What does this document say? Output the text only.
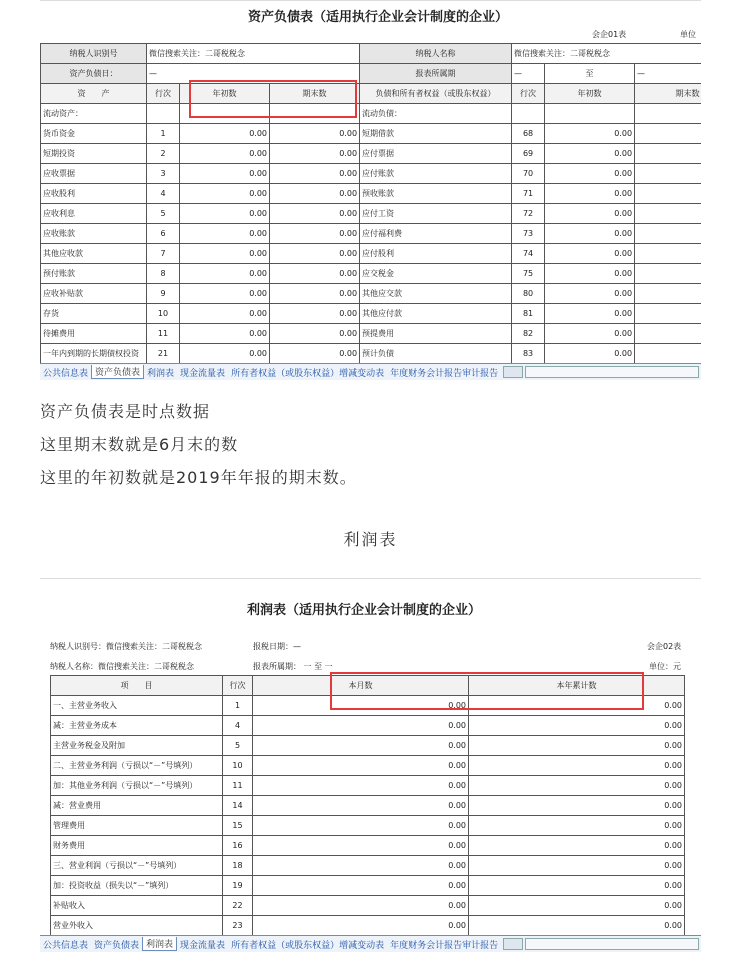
资产负债表（适用执行企业会计制度的企业）
会企01表	单位
纳税人识别号	微信搜索关注：二哥税税念			纳税人名称	微信搜索关注：二哥税税念		
资产负债日：	—			报表所属期	—	至	—
资　　产	行次	年初数	期末数	负债和所有者权益（或股东权益）	行次	年初数	期末数
流动资产：				流动负债：			
货币资金	1	0.00	0.00	短期借款	68	0.00	
短期投资	2	0.00	0.00	应付票据	69	0.00	
应收票据	3	0.00	0.00	应付账款	70	0.00	
应收股利	4	0.00	0.00	预收账款	71	0.00	
应收利息	5	0.00	0.00	应付工资	72	0.00	
应收账款	6	0.00	0.00	应付福利费	73	0.00	
其他应收款	7	0.00	0.00	应付股利	74	0.00	
预付账款	8	0.00	0.00	应交税金	75	0.00	
应收补贴款	9	0.00	0.00	其他应交款	80	0.00	
存货	10	0.00	0.00	其他应付款	81	0.00	
待摊费用	11	0.00	0.00	预提费用	82	0.00	
一年内到期的长期债权投资	21	0.00	0.00	预计负债	83	0.00	
公共信息表 资产负债表 利润表 现金流量表 所有者权益（或股东权益）增减变动表 年度财务会计报告审计报告
资产负债表是时点数据
这里期末数就是6月末的数
这里的年初数就是2019年年报的期末数。
利润表
利润表（适用执行企业会计制度的企业）
纳税人识别号：微信搜索关注：二哥税税念	报税日期：—	会企02表
纳税人名称：微信搜索关注：二哥税税念	报表所属期： 一 至 一	单位：元
项　　目	行次	本月数	本年累计数
一、主营业务收入	1	0.00	0.00
减：主营业务成本	4	0.00	0.00
主营业务税金及附加	5	0.00	0.00
二、主营业务利润（亏损以“－”号填列）	10	0.00	0.00
加：其他业务利润（亏损以“－”号填列）	11	0.00	0.00
减：营业费用	14	0.00	0.00
管理费用	15	0.00	0.00
财务费用	16	0.00	0.00
三、营业利润（亏损以“－”号填列）	18	0.00	0.00
加：投资收益（损失以“－”填列）	19	0.00	0.00
补贴收入	22	0.00	0.00
营业外收入	23	0.00	0.00
公共信息表 资产负债表 利润表 现金流量表 所有者权益（或股东权益）增减变动表 年度财务会计报告审计报告
